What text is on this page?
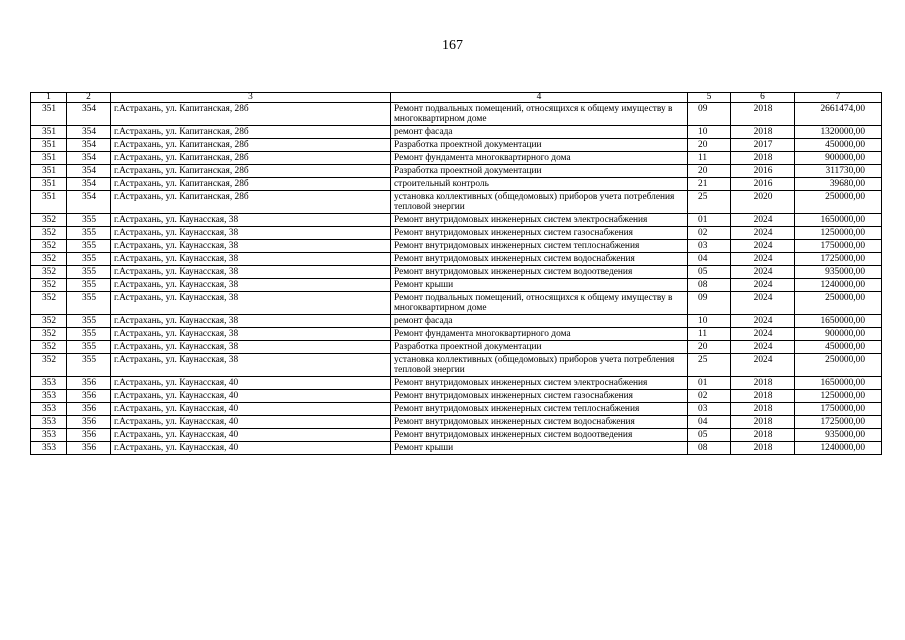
167
1	2	3	4	5	6	7
351	354	г.Астрахань, ул. Капитанская, 28б	Ремонт подвальных помещений, относящихся к общему имуществу в многоквартирном доме	09	2018	2661474,00
351	354	г.Астрахань, ул. Капитанская, 28б	ремонт фасада	10	2018	1320000,00
351	354	г.Астрахань, ул. Капитанская, 28б	Разработка проектной документации	20	2017	450000,00
351	354	г.Астрахань, ул. Капитанская, 28б	Ремонт фундамента многоквартирного дома	11	2018	900000,00
351	354	г.Астрахань, ул. Капитанская, 28б	Разработка проектной документации	20	2016	311730,00
351	354	г.Астрахань, ул. Капитанская, 28б	строительный контроль	21	2016	39680,00
351	354	г.Астрахань, ул. Капитанская, 28б	установка коллективных (общедомовых) приборов учета потребления тепловой энергии	25	2020	250000,00
352	355	г.Астрахань, ул. Каунасская, 38	Ремонт внутридомовых инженерных систем электроснабжения	01	2024	1650000,00
352	355	г.Астрахань, ул. Каунасская, 38	Ремонт внутридомовых инженерных систем газоснабжения	02	2024	1250000,00
352	355	г.Астрахань, ул. Каунасская, 38	Ремонт внутридомовых инженерных систем теплоснабжения	03	2024	1750000,00
352	355	г.Астрахань, ул. Каунасская, 38	Ремонт внутридомовых инженерных систем водоснабжения	04	2024	1725000,00
352	355	г.Астрахань, ул. Каунасская, 38	Ремонт внутридомовых инженерных систем водоотведения	05	2024	935000,00
352	355	г.Астрахань, ул. Каунасская, 38	Ремонт крыши	08	2024	1240000,00
352	355	г.Астрахань, ул. Каунасская, 38	Ремонт подвальных помещений, относящихся к общему имуществу в многоквартирном доме	09	2024	250000,00
352	355	г.Астрахань, ул. Каунасская, 38	ремонт фасада	10	2024	1650000,00
352	355	г.Астрахань, ул. Каунасская, 38	Ремонт фундамента многоквартирного дома	11	2024	900000,00
352	355	г.Астрахань, ул. Каунасская, 38	Разработка проектной документации	20	2024	450000,00
352	355	г.Астрахань, ул. Каунасская, 38	установка коллективных (общедомовых) приборов учета потребления тепловой энергии	25	2024	250000,00
353	356	г.Астрахань, ул. Каунасская, 40	Ремонт внутридомовых инженерных систем электроснабжения	01	2018	1650000,00
353	356	г.Астрахань, ул. Каунасская, 40	Ремонт внутридомовых инженерных систем газоснабжения	02	2018	1250000,00
353	356	г.Астрахань, ул. Каунасская, 40	Ремонт внутридомовых инженерных систем теплоснабжения	03	2018	1750000,00
353	356	г.Астрахань, ул. Каунасская, 40	Ремонт внутридомовых инженерных систем водоснабжения	04	2018	1725000,00
353	356	г.Астрахань, ул. Каунасская, 40	Ремонт внутридомовых инженерных систем водоотведения	05	2018	935000,00
353	356	г.Астрахань, ул. Каунасская, 40	Ремонт крыши	08	2018	1240000,00
